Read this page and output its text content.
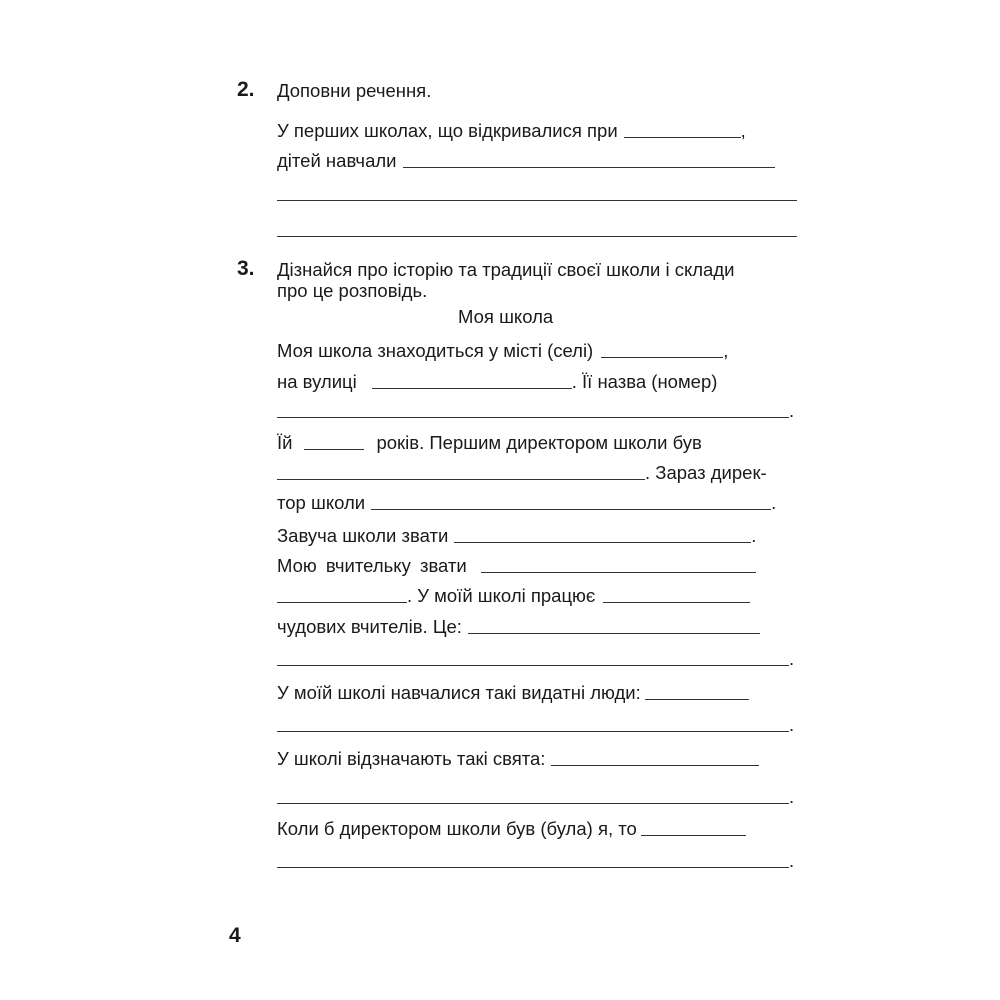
2. Доповни речення.
У перших школах, що відкривалися при	,
дітей навчали
3. Дізнайся про історію та традиції своєї школи і склади
про це розповідь.
Моя школа
Моя школа знаходиться у місті (селі)	,
на вулиці	. Її назва (номер)
.
Їй	років. Першим директором школи був
. Зараз дирек-
тор школи	.
Завуча школи звати	.
Мою вчительку звати
. У моїй школі працює
чудових вчителів. Це:
.
У моїй школі навчалися такі видатні люди:
.
У школі відзначають такі свята:
.
Коли б директором школи був (була) я, то
.
4
